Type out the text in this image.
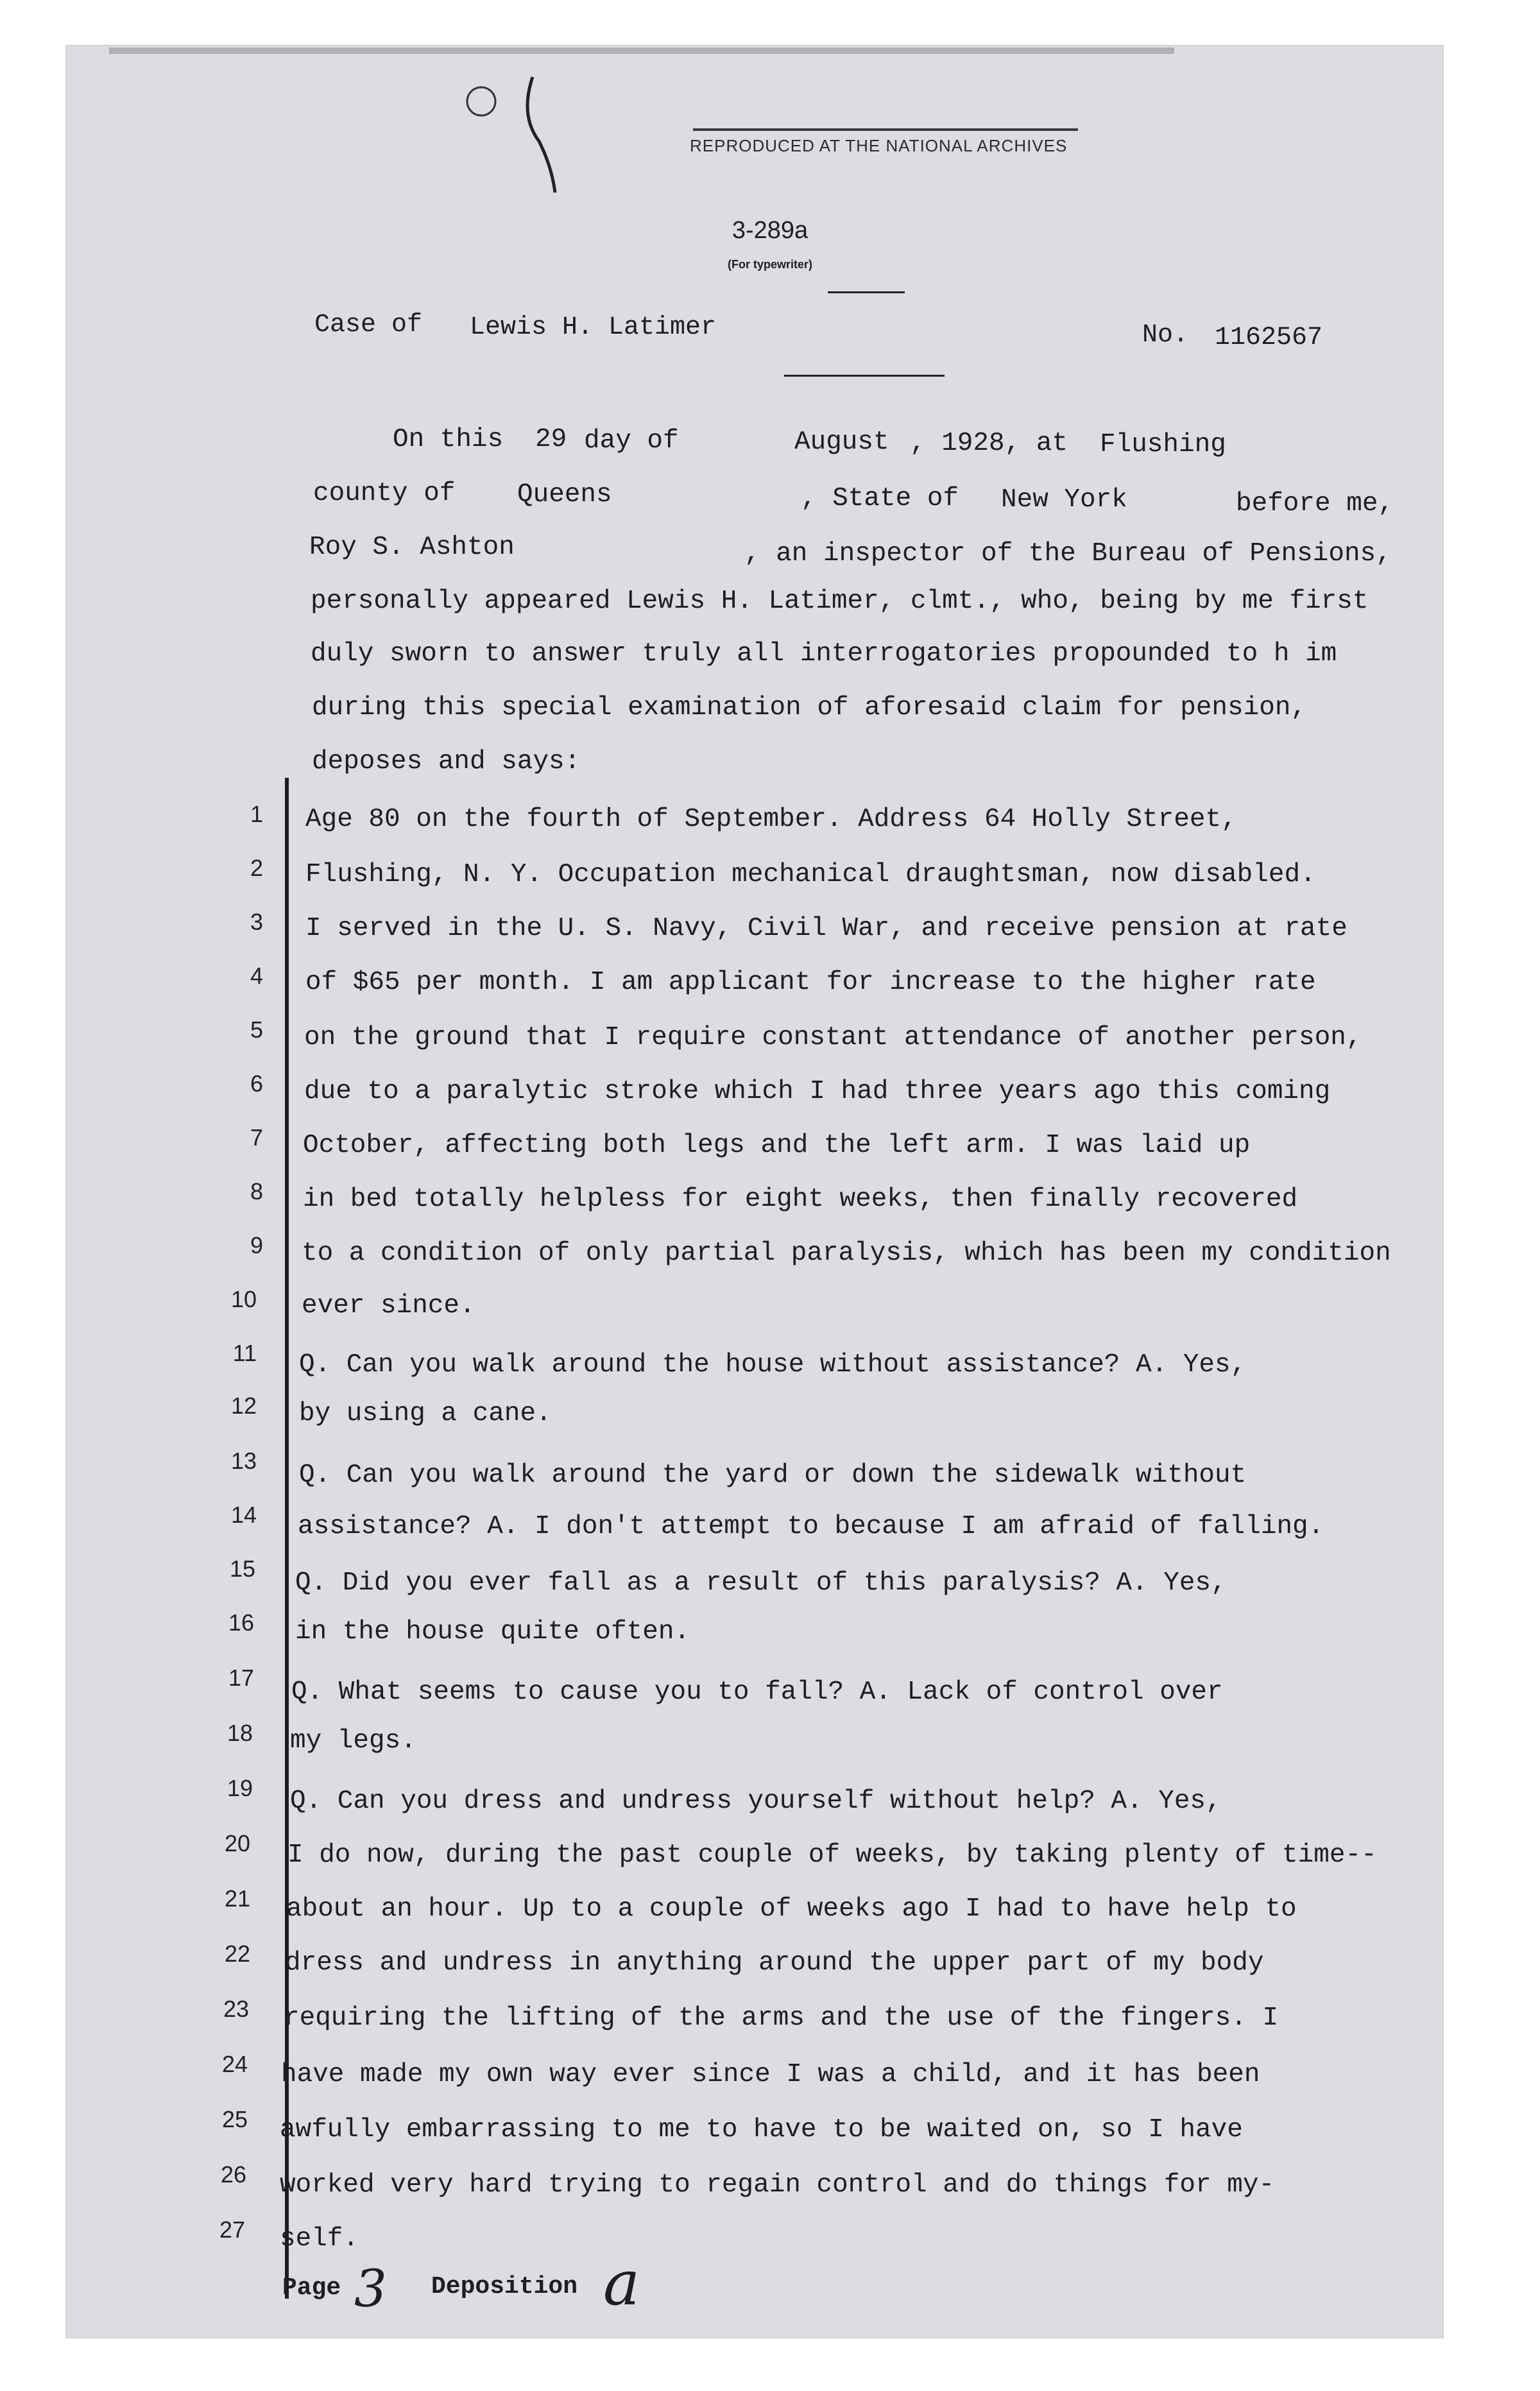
REPRODUCED AT THE NATIONAL ARCHIVES
3-289a
(For typewriter)
Case of Lewis H. Latimer	No. 1162567
On this 29 day of	August , 1928, at Flushing
county of Queens	, State of New York	before me,
Roy S. Ashton	, an inspector of the Bureau of Pensions,
personally appeared Lewis H. Latimer, clmt., who, being by me first
duly sworn to answer truly all interrogatories propounded to h im
during this special examination of aforesaid claim for pension,
deposes and says:
1 Age 80 on the fourth of September. Address 64 Holly Street,
2 Flushing, N. Y. Occupation mechanical draughtsman, now disabled.
3 I served in the U. S. Navy, Civil War, and receive pension at rate
4 of $65 per month. I am applicant for increase to the higher rate
5 on the ground that I require constant attendance of another person,
6 due to a paralytic stroke which I had three years ago this coming
7 October, affecting both legs and the left arm. I was laid up
8 in bed totally helpless for eight weeks, then finally recovered
9 to a condition of only partial paralysis, which has been my condition
10 ever since.
11 Q. Can you walk around the house without assistance? A. Yes,
12 by using a cane.
13 Q. Can you walk around the yard or down the sidewalk without
14 assistance? A. I don't attempt to because I am afraid of falling.
15 Q. Did you ever fall as a result of this paralysis? A. Yes,
16 in the house quite often.
17 Q. What seems to cause you to fall? A. Lack of control over
18 my legs.
19 Q. Can you dress and undress yourself without help? A. Yes,
20 I do now, during the past couple of weeks, by taking plenty of time--
21 about an hour. Up to a couple of weeks ago I had to have help to
22 dress and undress in anything around the upper part of my body
23 requiring the lifting of the arms and the use of the fingers. I
24 have made my own way ever since I was a child, and it has been
25 awfully embarrassing to me to have to be waited on, so I have
26 worked very hard trying to regain control and do things for my-
27 self.
Page 3 Deposition a
